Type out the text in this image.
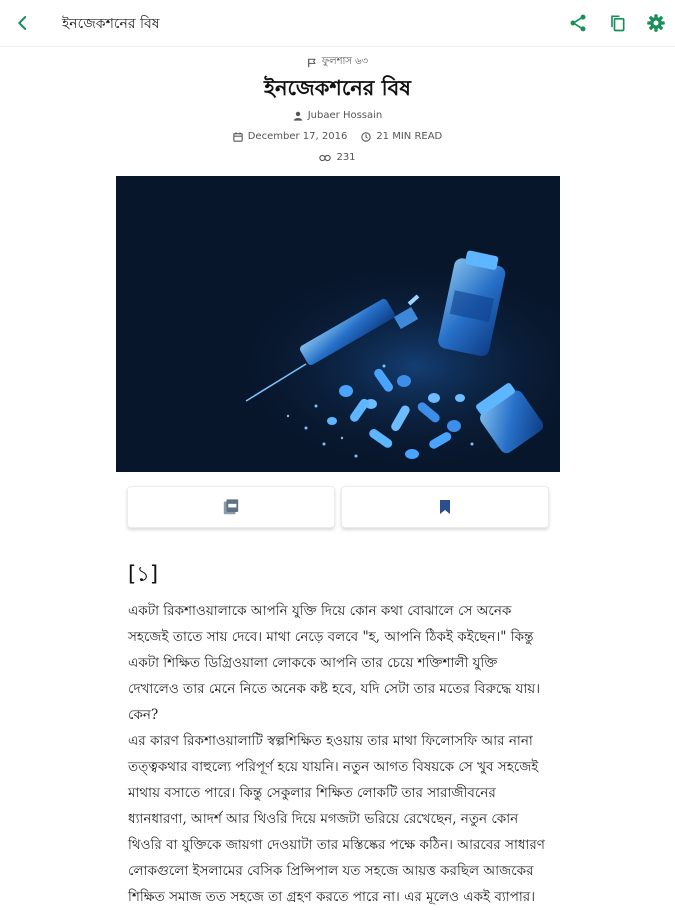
ইনজেকশনের বিষ
ফুলশাস ৬৩
ইনজেকশনের বিষ
Jubaer Hossain
December 17, 2016	21 MIN READ
231
[১]

একটা রিকশাওয়ালাকে আপনি যুক্তি দিয়ে কোন কথা বোঝালে সে অনেক সহজেই তাতে সায় দেবে। মাথা নেড়ে বলবে "হ, আপনি ঠিকই কইছেন।" কিন্তু একটা শিক্ষিত ডিগ্রিওয়ালা লোককে আপনি তার চেয়ে শক্তিশালী যুক্তি দেখালেও তার মেনে নিতে অনেক কষ্ট হবে, যদি সেটা তার মতের বিরুদ্ধে যায়। কেন?

এর কারণ রিকশাওয়ালাটি স্বল্পশিক্ষিত হওয়ায় তার মাথা ফিলোসফি আর নানা তত্ত্বকথার বাহুল্যে পরিপূর্ণ হয়ে যায়নি। নতুন আগত বিষয়কে সে খুব সহজেই মাথায় বসাতে পারে। কিন্তু সেকুলার শিক্ষিত লোকটি তার সারাজীবনের ধ্যানধারণা, আদর্শ আর থিওরি দিয়ে মগজটা ভরিয়ে রেখেছেন, নতুন কোন থিওরি বা যুক্তিকে জায়গা দেওয়াটা তার মস্তিষ্কের পক্ষে কঠিন। আরবের সাধারণ লোকগুলো ইসলামের বেসিক প্রিন্সিপাল যত সহজে আয়ত্ত করছিল আজকের শিক্ষিত সমাজ তত সহজে তা গ্রহণ করতে পারে না। এর মূলেও একই ব্যাপার।
